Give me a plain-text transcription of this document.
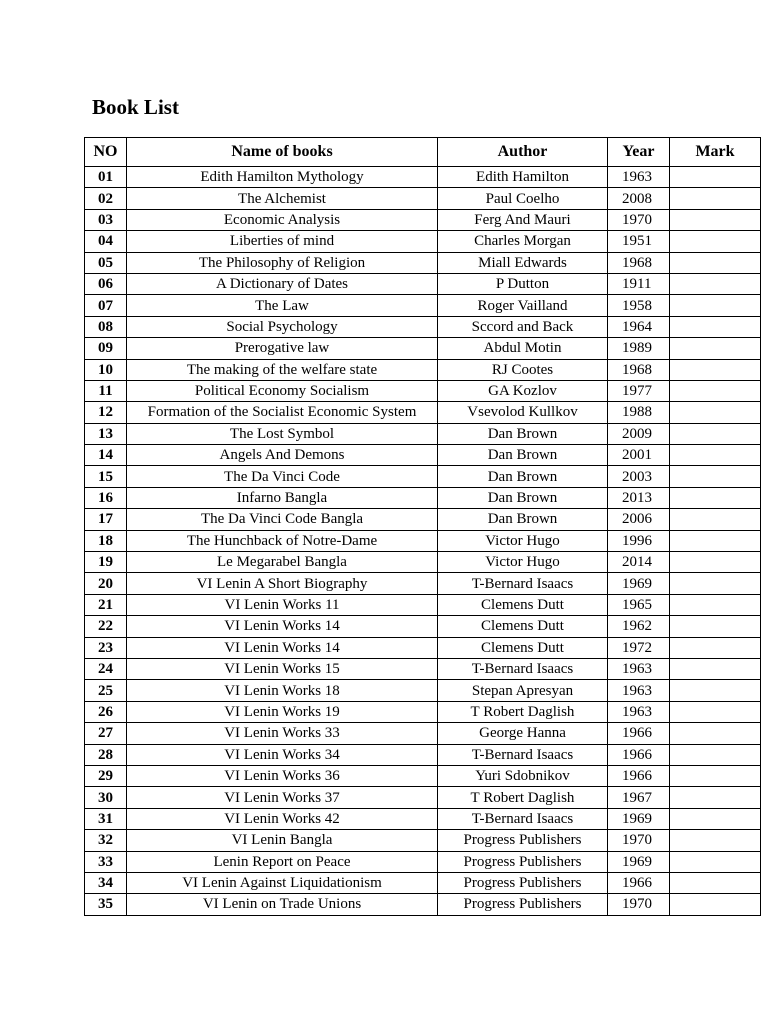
Book List
NO	Name of books	Author	Year	Mark
01	Edith Hamilton Mythology	Edith Hamilton	1963	
02	The Alchemist	Paul Coelho	2008	
03	Economic Analysis	Ferg And Mauri	1970	
04	Liberties of mind	Charles Morgan	1951	
05	The Philosophy of Religion	Miall Edwards	1968	
06	A Dictionary of Dates	P Dutton	1911	
07	The Law	Roger Vailland	1958	
08	Social Psychology	Sccord and Back	1964	
09	Prerogative law	Abdul Motin	1989	
10	The making of the welfare state	RJ Cootes	1968	
11	Political Economy Socialism	GA Kozlov	1977	
12	Formation of the Socialist Economic System	Vsevolod Kullkov	1988	
13	The Lost Symbol	Dan Brown	2009	
14	Angels And Demons	Dan Brown	2001	
15	The Da Vinci Code	Dan Brown	2003	
16	Infarno Bangla	Dan Brown	2013	
17	The Da Vinci Code Bangla	Dan Brown	2006	
18	The Hunchback of Notre-Dame	Victor Hugo	1996	
19	Le Megarabel Bangla	Victor Hugo	2014	
20	VI Lenin A Short Biography	T-Bernard Isaacs	1969	
21	VI Lenin Works 11	Clemens Dutt	1965	
22	VI Lenin Works 14	Clemens Dutt	1962	
23	VI Lenin Works 14	Clemens Dutt	1972	
24	VI Lenin Works 15	T-Bernard Isaacs	1963	
25	VI Lenin Works 18	Stepan Apresyan	1963	
26	VI Lenin Works 19	T Robert Daglish	1963	
27	VI Lenin Works 33	George Hanna	1966	
28	VI Lenin Works 34	T-Bernard Isaacs	1966	
29	VI Lenin Works 36	Yuri Sdobnikov	1966	
30	VI Lenin Works 37	T Robert Daglish	1967	
31	VI Lenin Works 42	T-Bernard Isaacs	1969	
32	VI Lenin Bangla	Progress Publishers	1970	
33	Lenin Report on Peace	Progress Publishers	1969	
34	VI Lenin Against Liquidationism	Progress Publishers	1966	
35	VI Lenin on Trade Unions	Progress Publishers	1970	
